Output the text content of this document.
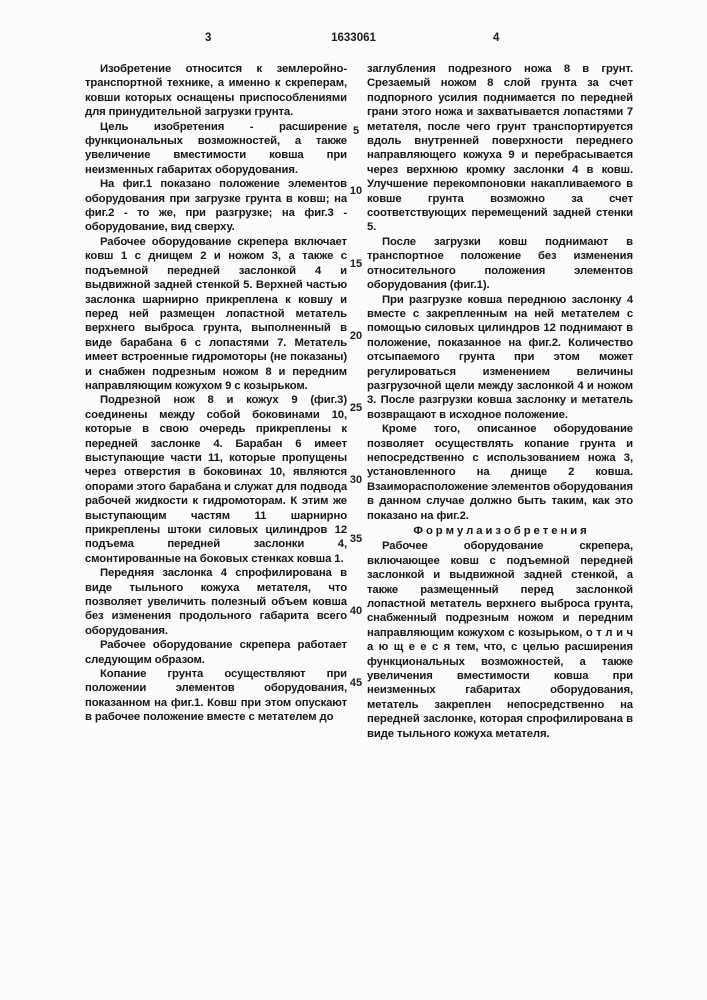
3	1633061	4
5
10
15
20
25
30
35
40
45

Изобретение относится к землеройно-транспортной технике, а именно к скреперам, ковши которых оснащены приспособлениями для принудительной загрузки грунта.

Цель изобретения - расширение функциональных возможностей, а также увеличение вместимости ковша при неизменных габаритах оборудования.

На фиг.1 показано положение элементов оборудования при загрузке грунта в ковш; на фиг.2 - то же, при разгрузке; на фиг.3 - оборудование, вид сверху.

Рабочее оборудование скрепера включает ковш 1 с днищем 2 и ножом 3, а также с подъемной передней заслонкой 4 и выдвижной задней стенкой 5. Верхней частью заслонка шарнирно прикреплена к ковшу и перед ней размещен лопастной метатель верхнего выброса грунта, выполненный в виде барабана 6 с лопастями 7. Метатель имеет встроенные гидромоторы (не показаны) и снабжен подрезным ножом 8 и передним направляющим кожухом 9 с козырьком.

Подрезной нож 8 и кожух 9 (фиг.3) соединены между собой боковинами 10, которые в свою очередь прикреплены к передней заслонке 4. Барабан 6 имеет выступающие части 11, которые пропущены через отверстия в боковинах 10, являются опорами этого барабана и служат для подвода рабочей жидкости к гидромоторам. К этим же выступающим частям 11 шарнирно прикреплены штоки силовых цилиндров 12 подъема передней заслонки 4, смонтированные на боковых стенках ковша 1.

Передняя заслонка 4 спрофилирована в виде тыльного кожуха метателя, что позволяет увеличить полезный объем ковша без изменения продольного габарита всего оборудования.

Рабочее оборудование скрепера работает следующим образом.

Копание грунта осуществляют при положении элементов оборудования, показанном на фиг.1. Ковш при этом опускают в рабочее положение вместе с метателем до

заглубления подрезного ножа 8 в грунт. Срезаемый ножом 8 слой грунта за счет подпорного усилия поднимается по передней грани этого ножа и захватывается лопастями 7 метателя, после чего грунт транспортируется вдоль внутренней поверхности переднего направляющего кожуха 9 и перебрасывается через верхнюю кромку заслонки 4 в ковш. Улучшение перекомпоновки накапливаемого в ковше грунта возможно за счет соответствующих перемещений задней стенки 5.

После загрузки ковш поднимают в транспортное положение без изменения относительного положения элементов оборудования (фиг.1).

При разгрузке ковша переднюю заслонку 4 вместе с закрепленным на ней метателем с помощью силовых цилиндров 12 поднимают в положение, показанное на фиг.2. Количество отсыпаемого грунта при этом может регулироваться изменением величины разгрузочной щели между заслонкой 4 и ножом 3. После разгрузки ковша заслонку и метатель возвращают в исходное положение.

Кроме того, описанное оборудование позволяет осуществлять копание грунта и непосредственно с использованием ножа 3, установленного на днище 2 ковша. Взаиморасположение элементов оборудования в данном случае должно быть таким, как это показано на фиг.2.

Ф о р м у л а и з о б р е т е н и я

Рабочее оборудование скрепера, включающее ковш с подъемной передней заслонкой и выдвижной задней стенкой, а также размещенный перед заслонкой лопастной метатель верхнего выброса грунта, снабженный подрезным ножом и передним направляющим кожухом с козырьком, о т л и ч а ю щ е е с я тем, что, с целью расширения функциональных возможностей, а также увеличения вместимости ковша при неизменных габаритах оборудования, метатель закреплен непосредственно на передней заслонке, которая спрофилирована в виде тыльного кожуха метателя.
